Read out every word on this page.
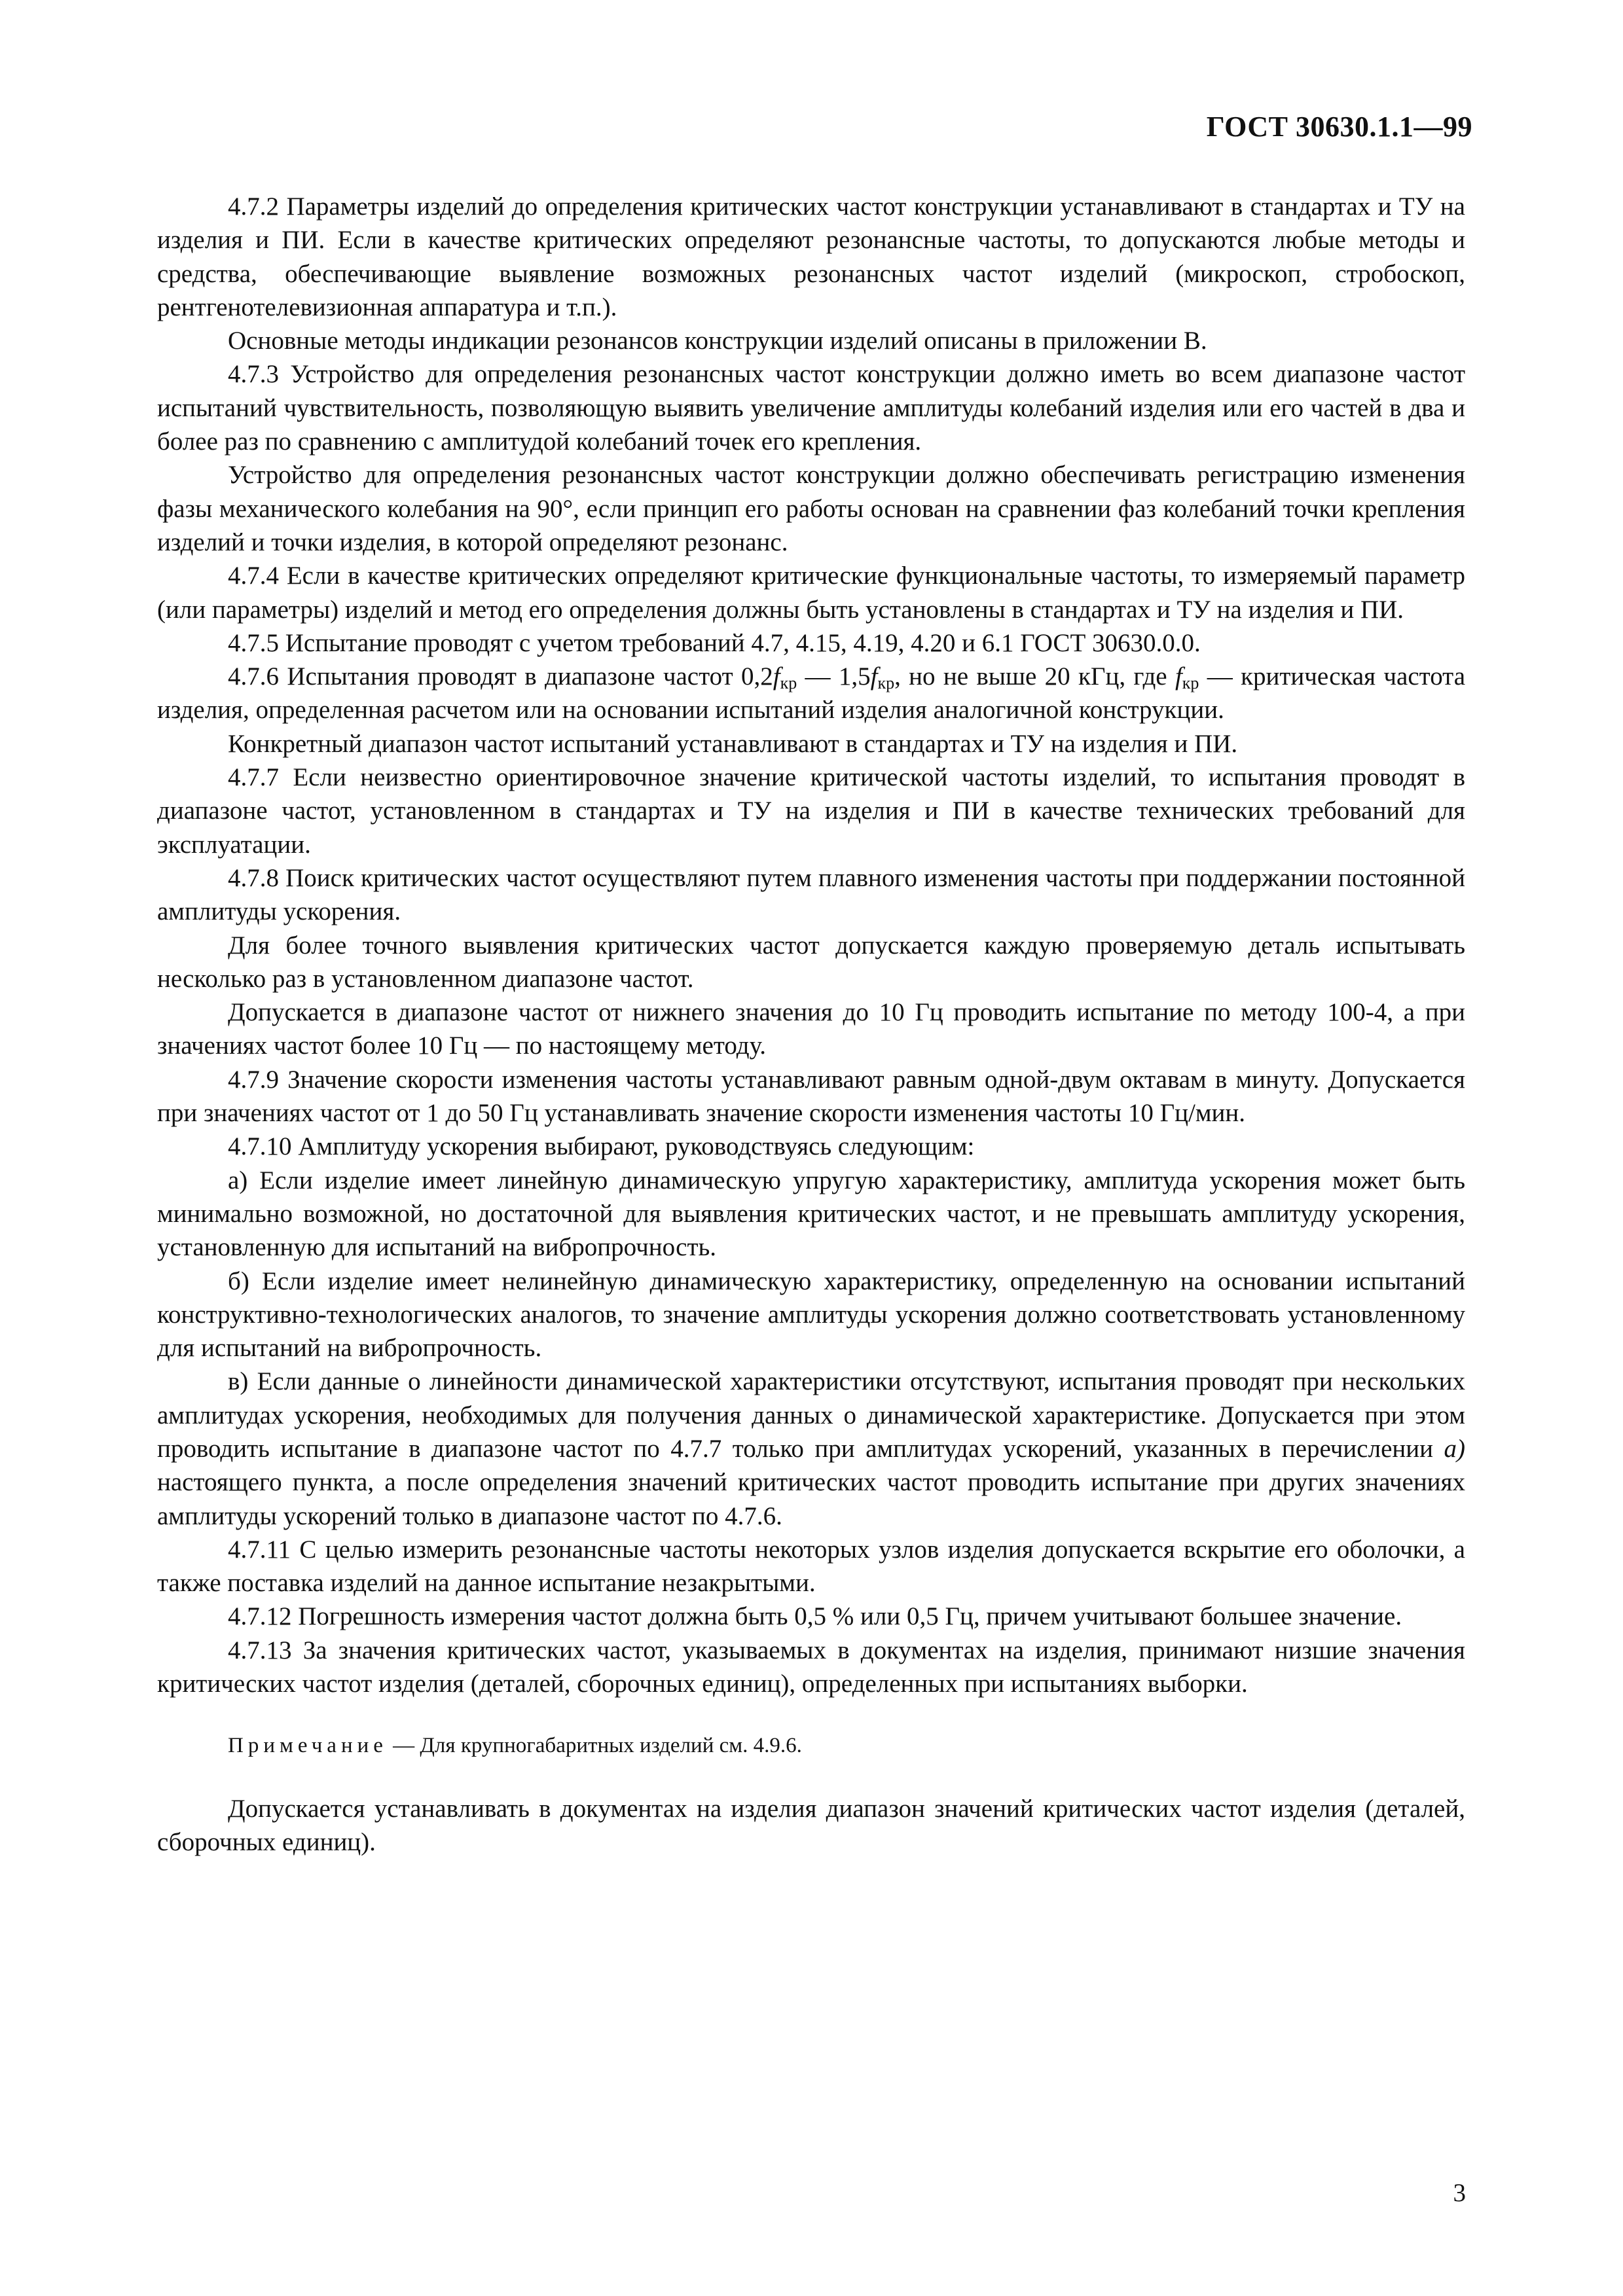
ГОСТ 30630.1.1—99

4.7.2 Параметры изделий до определения критических частот конструкции устанавливают в стандартах и ТУ на изделия и ПИ. Если в качестве критических определяют резонансные частоты, то допускаются любые методы и средства, обеспечивающие выявление возможных резонансных частот изделий (микроскоп, стробоскоп, рентгенотелевизионная аппаратура и т.п.).

Основные методы индикации резонансов конструкции изделий описаны в приложении В.

4.7.3 Устройство для определения резонансных частот конструкции должно иметь во всем диапазоне частот испытаний чувствительность, позволяющую выявить увеличение амплитуды колебаний изделия или его частей в два и более раз по сравнению с амплитудой колебаний точек его крепления.

Устройство для определения резонансных частот конструкции должно обеспечивать регистрацию изменения фазы механического колебания на 90°, если принцип его работы основан на сравнении фаз колебаний точки крепления изделий и точки изделия, в которой определяют резонанс.

4.7.4 Если в качестве критических определяют критические функциональные частоты, то измеряемый параметр (или параметры) изделий и метод его определения должны быть установлены в стандартах и ТУ на изделия и ПИ.

4.7.5 Испытание проводят с учетом требований 4.7, 4.15, 4.19, 4.20 и 6.1 ГОСТ 30630.0.0.

4.7.6 Испытания проводят в диапазоне частот $0,2f_{кр}$ — $1,5f_{кр}$, но не выше 20 кГц, где $f_{кр}$ — критическая частота изделия, определенная расчетом или на основании испытаний изделия аналогичной конструкции.

Конкретный диапазон частот испытаний устанавливают в стандартах и ТУ на изделия и ПИ.

4.7.7 Если неизвестно ориентировочное значение критической частоты изделий, то испытания проводят в диапазоне частот, установленном в стандартах и ТУ на изделия и ПИ в качестве технических требований для эксплуатации.

4.7.8 Поиск критических частот осуществляют путем плавного изменения частоты при поддержании постоянной амплитуды ускорения.

Для более точного выявления критических частот допускается каждую проверяемую деталь испытывать несколько раз в установленном диапазоне частот.

Допускается в диапазоне частот от нижнего значения до 10 Гц проводить испытание по методу 100-4, а при значениях частот более 10 Гц — по настоящему методу.

4.7.9 Значение скорости изменения частоты устанавливают равным одной-двум октавам в минуту. Допускается при значениях частот от 1 до 50 Гц устанавливать значение скорости изменения частоты 10 Гц/мин.

4.7.10 Амплитуду ускорения выбирают, руководствуясь следующим:

а) Если изделие имеет линейную динамическую упругую характеристику, амплитуда ускорения может быть минимально возможной, но достаточной для выявления критических частот, и не превышать амплитуду ускорения, установленную для испытаний на вибропрочность.

б) Если изделие имеет нелинейную динамическую характеристику, определенную на основании испытаний конструктивно-технологических аналогов, то значение амплитуды ускорения должно соответствовать установленному для испытаний на вибропрочность.

в) Если данные о линейности динамической характеристики отсутствуют, испытания проводят при нескольких амплитудах ускорения, необходимых для получения данных о динамической характеристике. Допускается при этом проводить испытание в диапазоне частот по 4.7.7 только при амплитудах ускорений, указанных в перечислении а) настоящего пункта, а после определения значений критических частот проводить испытание при других значениях амплитуды ускорений только в диапазоне частот по 4.7.6.

4.7.11 С целью измерить резонансные частоты некоторых узлов изделия допускается вскрытие его оболочки, а также поставка изделий на данное испытание незакрытыми.

4.7.12 Погрешность измерения частот должна быть 0,5 % или 0,5 Гц, причем учитывают большее значение.

4.7.13 За значения критических частот, указываемых в документах на изделия, принимают низшие значения критических частот изделия (деталей, сборочных единиц), определенных при испытаниях выборки.

Примечание — Для крупногабаритных изделий см. 4.9.6.

Допускается устанавливать в документах на изделия диапазон значений критических частот изделия (деталей, сборочных единиц).

3
